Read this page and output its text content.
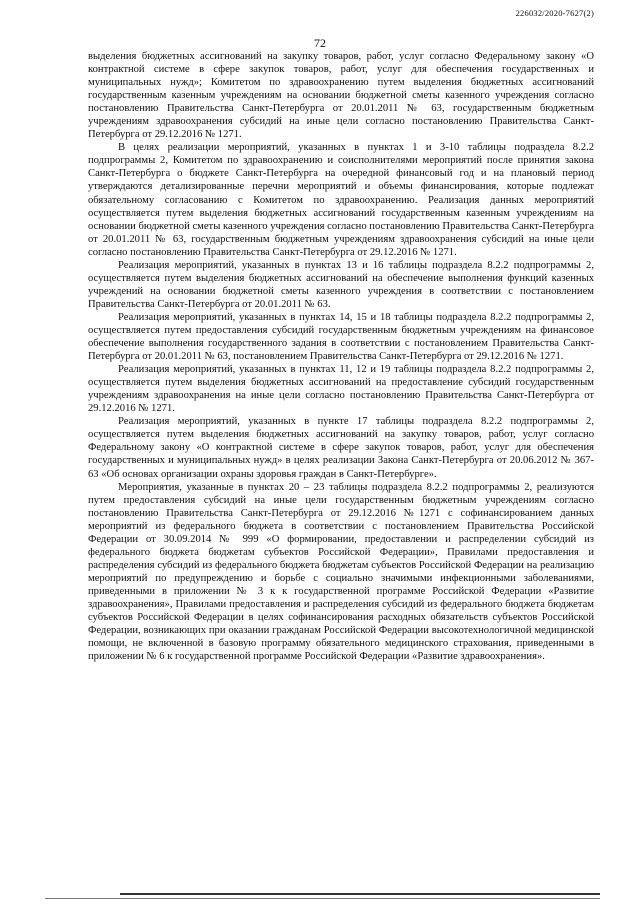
226032/2020-7627(2)
72

выделения бюджетных ассигнований на закупку товаров, работ, услуг согласно Федеральному закону «О контрактной системе в сфере закупок товаров, работ, услуг для обеспечения государственных и муниципальных нужд»; Комитетом по здравоохранению путем выделения бюджетных ассигнований государственным казенным учреждениям на основании бюджетной сметы казенного учреждения согласно постановлению Правительства Санкт-Петербурга от 20.01.2011 № 63, государственным бюджетным учреждениям здравоохранения субсидий на иные цели согласно постановлению Правительства Санкт-Петербурга от 29.12.2016 № 1271.

В целях реализации мероприятий, указанных в пунктах 1 и 3-10 таблицы подраздела 8.2.2 подпрограммы 2, Комитетом по здравоохранению и соисполнителями мероприятий после принятия закона Санкт-Петербурга о бюджете Санкт-Петербурга на очередной финансовый год и на плановый период утверждаются детализированные перечни мероприятий и объемы финансирования, которые подлежат обязательному согласованию с Комитетом по здравоохранению. Реализация данных мероприятий осуществляется путем выделения бюджетных ассигнований государственным казенным учреждениям на основании бюджетной сметы казенного учреждения согласно постановлению Правительства Санкт-Петербурга от 20.01.2011 № 63, государственным бюджетным учреждениям здравоохранения субсидий на иные цели согласно постановлению Правительства Санкт-Петербурга от 29.12.2016 № 1271.

Реализация мероприятий, указанных в пунктах 13 и 16 таблицы подраздела 8.2.2 подпрограммы 2, осуществляется путем выделения бюджетных ассигнований на обеспечение выполнения функций казенных учреждений на основании бюджетной сметы казенного учреждения в соответствии с постановлением Правительства Санкт-Петербурга от 20.01.2011 № 63.

Реализация мероприятий, указанных в пунктах 14, 15 и 18 таблицы подраздела 8.2.2 подпрограммы 2, осуществляется путем предоставления субсидий государственным бюджетным учреждениям на финансовое обеспечение выполнения государственного задания в соответствии с постановлением Правительства Санкт-Петербурга от 20.01.2011 № 63, постановлением Правительства Санкт-Петербурга от 29.12.2016 № 1271.

Реализация мероприятий, указанных в пунктах 11, 12 и 19 таблицы подраздела 8.2.2 подпрограммы 2, осуществляется путем выделения бюджетных ассигнований на предоставление субсидий государственным учреждениям здравоохранения на иные цели согласно постановлению Правительства Санкт-Петербурга от 29.12.2016 № 1271.

Реализация мероприятий, указанных в пункте 17 таблицы подраздела 8.2.2 подпрограммы 2, осуществляется путем выделения бюджетных ассигнований на закупку товаров, работ, услуг согласно Федеральному закону «О контрактной системе в сфере закупок товаров, работ, услуг для обеспечения государственных и муниципальных нужд» в целях реализации Закона Санкт-Петербурга от 20.06.2012 № 367-63 «Об основах организации охраны здоровья граждан в Санкт-Петербурге».

Мероприятия, указанные в пунктах 20 – 23 таблицы подраздела 8.2.2 подпрограммы 2, реализуются путем предоставления субсидий на иные цели государственным бюджетным учреждениям согласно постановлению Правительства Санкт-Петербурга от 29.12.2016 №1271 с софинансированием данных мероприятий из федерального бюджета в соответствии с постановлением Правительства Российской Федерации от 30.09.2014 № 999 «О формировании, предоставлении и распределении субсидий из федерального бюджета бюджетам субъектов Российской Федерации», Правилами предоставления и распределения субсидий из федерального бюджета бюджетам субъектов Российской Федерации на реализацию мероприятий по предупреждению и борьбе с социально значимыми инфекционными заболеваниями, приведенными в приложении № 3 к к государственной программе Российской Федерации «Развитие здравоохранения», Правилами предоставления и распределения субсидий из федерального бюджета бюджетам субъектов Российской Федерации в целях софинансирования расходных обязательств субъектов Российской Федерации, возникающих при оказании гражданам Российской Федерации высокотехнологичной медицинской помощи, не включенной в базовую программу обязательного медицинского страхования, приведенными в приложении № 6 к государственной программе Российской Федерации «Развитие здравоохранения».
